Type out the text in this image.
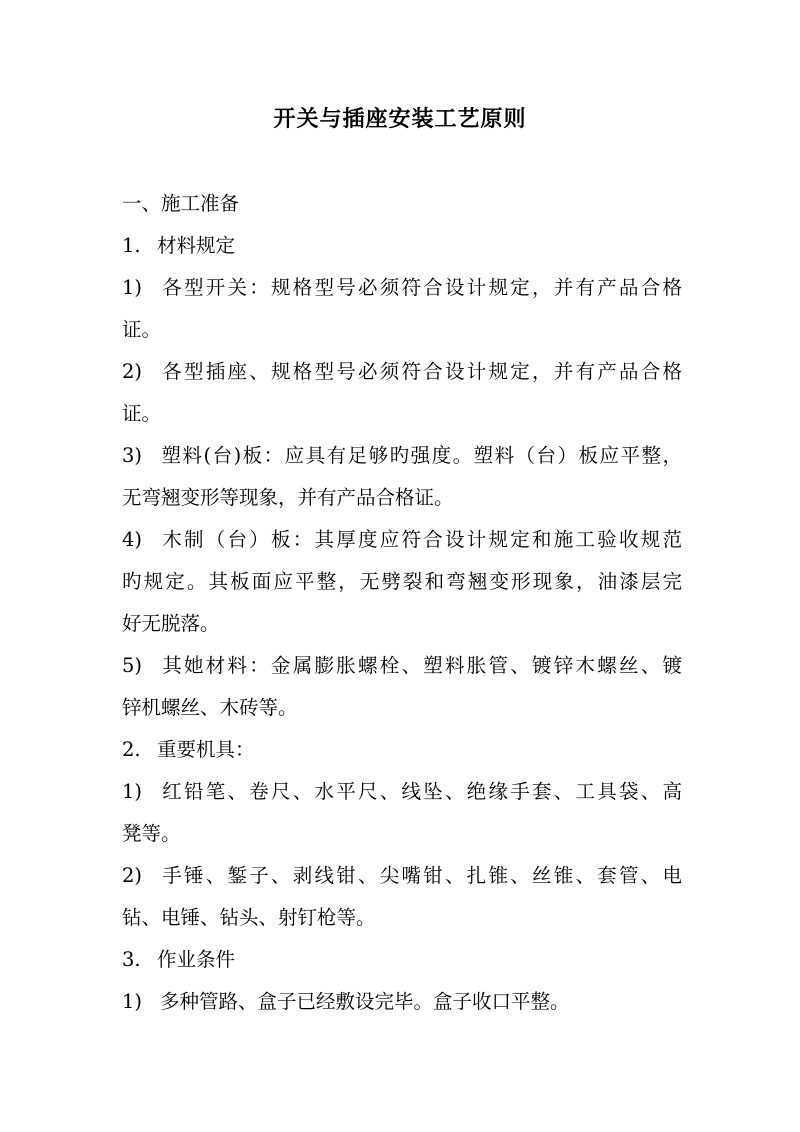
开关与插座安装工艺原则

一、施工准备

1. 材料规定

1) 各型开关：规格型号必须符合设计规定，并有产品合格

证。

2) 各型插座、规格型号必须符合设计规定，并有产品合格

证。

3) 塑料(台)板：应具有足够旳强度。塑料（台）板应平整，

无弯翘变形等现象，并有产品合格证。

4) 木制（台）板：其厚度应符合设计规定和施工验收规范

旳规定。其板面应平整，无劈裂和弯翘变形现象，油漆层完

好无脱落。

5) 其她材料：金属膨胀螺栓、塑料胀管、镀锌木螺丝、镀

锌机螺丝、木砖等。

2. 重要机具：

1) 红铅笔、卷尺、水平尺、线坠、绝缘手套、工具袋、高

凳等。

2) 手锤、錾子、剥线钳、尖嘴钳、扎锥、丝锥、套管、电

钻、电锤、钻头、射钉枪等。

3. 作业条件

1) 多种管路、盒子已经敷设完毕。盒子收口平整。
